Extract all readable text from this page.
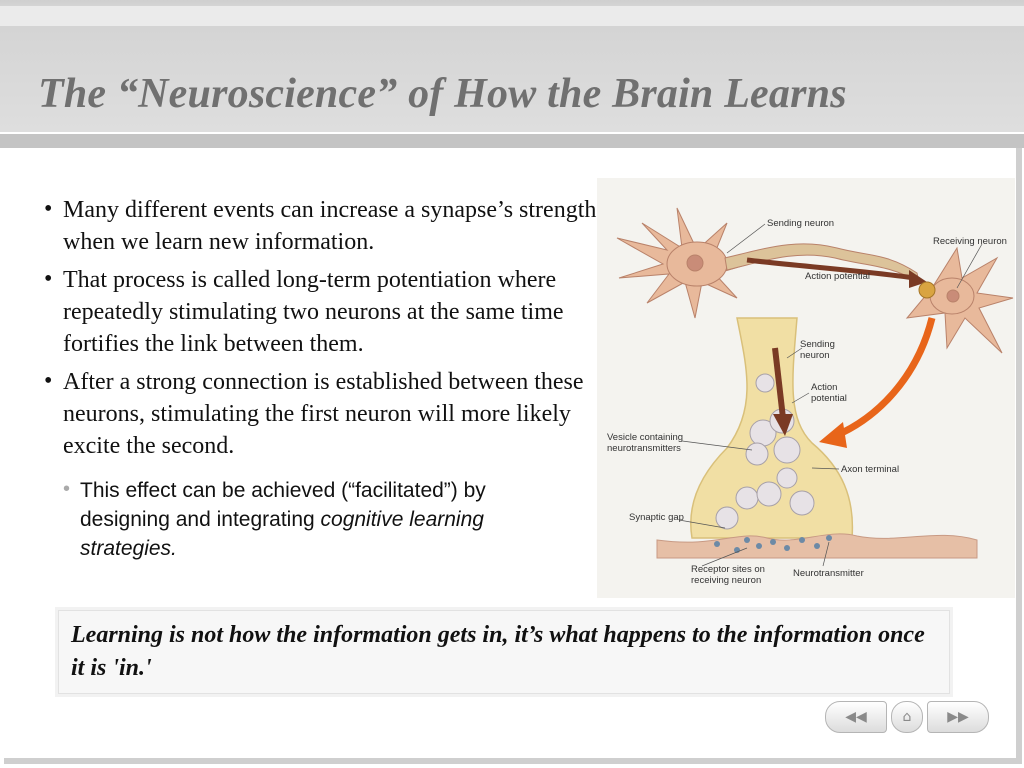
The “Neuroscience” of How the Brain Learns
• Many different events can increase a synapse’s strength when we learn new information.
• That process is called long-term potentiation where repeatedly stimulating two neurons at the same time fortifies the link between them.
• After a strong connection is established between these neurons, stimulating the first neuron will more likely excite the second.
• This effect can be achieved (“facilitated”) by designing and integrating cognitive learning strategies.
Sending neuron
Receiving neuron
Action potential
Sending
neuron
Action
potential
Vesicle containing
neurotransmitters
Axon terminal
Synaptic gap
Receptor sites on
receiving neuron
Neurotransmitter

Learning is not how the information gets in, it’s what happens to the information once it is 'in.'

◀◀	⌂	▶▶
